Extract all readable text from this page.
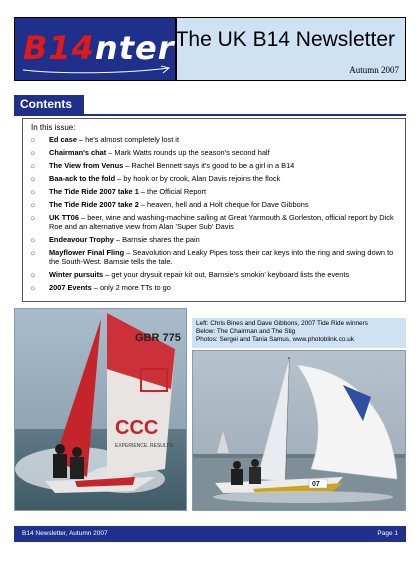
B14nter The UK B14 Newsletter
Autumn 2007
Contents
In this issue:
☼	Ed case – he's almost completely lost it
☼	Chairman's chat – Mark Watts rounds up the season's second half
☼	The View from Venus – Rachel Bennett says it's good to be a girl in a B14
☼	Baa-ack to the fold – by hook or by crook, Alan Davis rejoins the flock
☼	The Tide Ride 2007 take 1 – the Official Report
☼	The Tide Ride 2007 take 2 – heaven, hell and a Holt cheque for Dave Gibbons
☼	UK TT06 – beer, wine and washing-machine sailing at Great Yarmouth & Gorleston, official report by Dick Roe and an alternative view from Alan 'Super Sub' Davis
☼	Endeavour Trophy – Barnsie shares the pain
☼	Mayflower Final Fling – Seavolution and Leaky Pipes toss their car keys into the ring and swing down to the South-West. Barnsie tells the tale.
☼	Winter pursuits – get your drysuit repair kit out, Barnsie's smokin' keyboard lists the events
☼	2007 Events – only 2 more TTs to go
GBR 775
CCC
EXPERIENCE. RESULTS.
Left: Chris Bines and Dave Gibbons, 2007 Tide Ride winners
Below: The Chairman and The Stig
Photos: Sergei and Tania Samus, www.photoblink.co.uk
07
B14 Newsletter, Autumn 2007	Page 1
